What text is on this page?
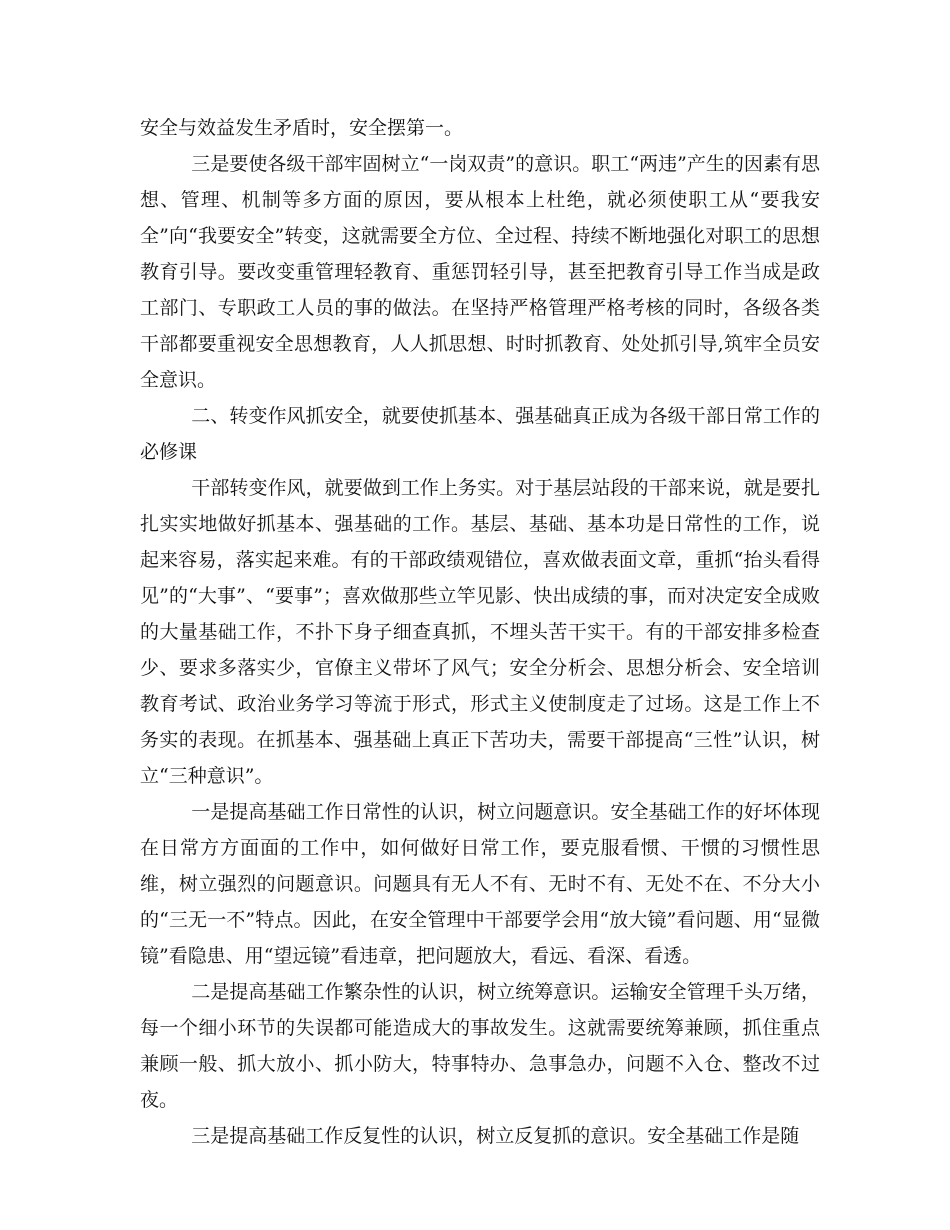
安全与效益发生矛盾时，安全摆第一。

三是要使各级干部牢固树立“一岗双责”的意识。职工“两违”产生的因素有思想、管理、机制等多方面的原因，要从根本上杜绝，就必须使职工从“要我安全”向“我要安全”转变，这就需要全方位、全过程、持续不断地强化对职工的思想教育引导。要改变重管理轻教育、重惩罚轻引导，甚至把教育引导工作当成是政工部门、专职政工人员的事的做法。在坚持严格管理严格考核的同时，各级各类干部都要重视安全思想教育，人人抓思想、时时抓教育、处处抓引导,筑牢全员安全意识。

二、转变作风抓安全，就要使抓基本、强基础真正成为各级干部日常工作的必修课

干部转变作风，就要做到工作上务实。对于基层站段的干部来说，就是要扎扎实实地做好抓基本、强基础的工作。基层、基础、基本功是日常性的工作，说起来容易，落实起来难。有的干部政绩观错位，喜欢做表面文章，重抓“抬头看得见”的“大事”、“要事”；喜欢做那些立竿见影、快出成绩的事，而对决定安全成败的大量基础工作，不扑下身子细查真抓，不埋头苦干实干。有的干部安排多检查少、要求多落实少，官僚主义带坏了风气；安全分析会、思想分析会、安全培训教育考试、政治业务学习等流于形式，形式主义使制度走了过场。这是工作上不务实的表现。在抓基本、强基础上真正下苦功夫，需要干部提高“三性”认识，树立“三种意识”。

一是提高基础工作日常性的认识，树立问题意识。安全基础工作的好坏体现在日常方方面面的工作中，如何做好日常工作，要克服看惯、干惯的习惯性思维，树立强烈的问题意识。问题具有无人不有、无时不有、无处不在、不分大小的“三无一不”特点。因此，在安全管理中干部要学会用“放大镜”看问题、用“显微镜”看隐患、用“望远镜”看违章，把问题放大，看远、看深、看透。

二是提高基础工作繁杂性的认识，树立统筹意识。运输安全管理千头万绪，每一个细小环节的失误都可能造成大的事故发生。这就需要统筹兼顾，抓住重点兼顾一般、抓大放小、抓小防大，特事特办、急事急办，问题不入仓、整改不过夜。

三是提高基础工作反复性的认识，树立反复抓的意识。安全基础工作是随
